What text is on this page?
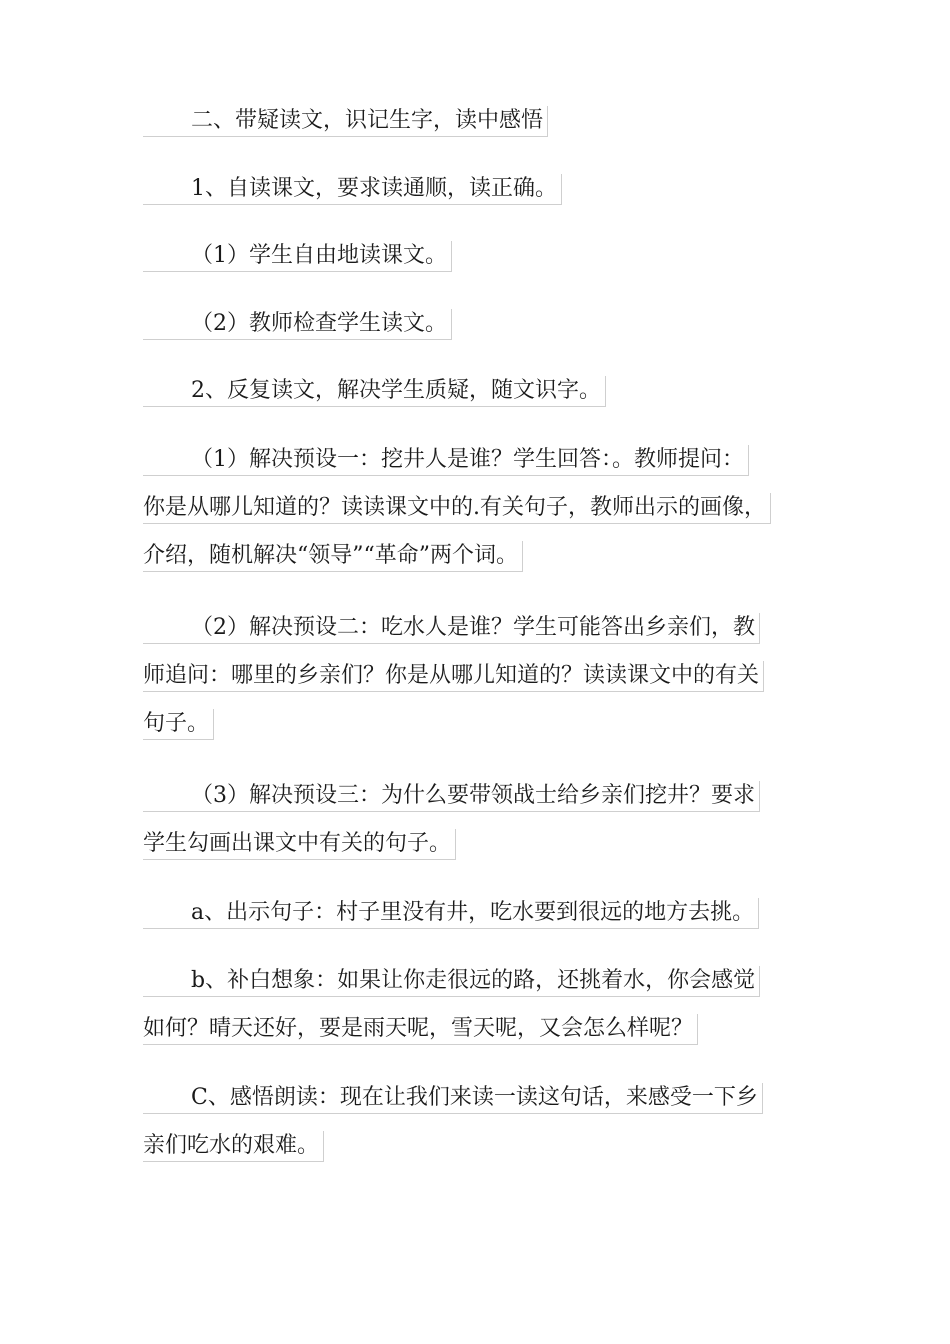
二、带疑读文，识记生字，读中感悟
1、自读课文，要求读通顺，读正确。
（1）学生自由地读课文。
（2）教师检查学生读文。
2、反复读文，解决学生质疑，随文识字。
（1）解决预设一：挖井人是谁？学生回答：。教师提问：
你是从哪儿知道的？读读课文中的.有关句子，教师出示的画像，
介绍，随机解决“领导”“革命”两个词。
（2）解决预设二：吃水人是谁？学生可能答出乡亲们，教
师追问：哪里的乡亲们？你是从哪儿知道的？读读课文中的有关
句子。
（3）解决预设三：为什么要带领战士给乡亲们挖井？要求
学生勾画出课文中有关的句子。
a、出示句子：村子里没有井，吃水要到很远的地方去挑。
b、补白想象：如果让你走很远的路，还挑着水，你会感觉
如何？晴天还好，要是雨天呢，雪天呢，又会怎么样呢？
C、感悟朗读：现在让我们来读一读这句话，来感受一下乡
亲们吃水的艰难。
